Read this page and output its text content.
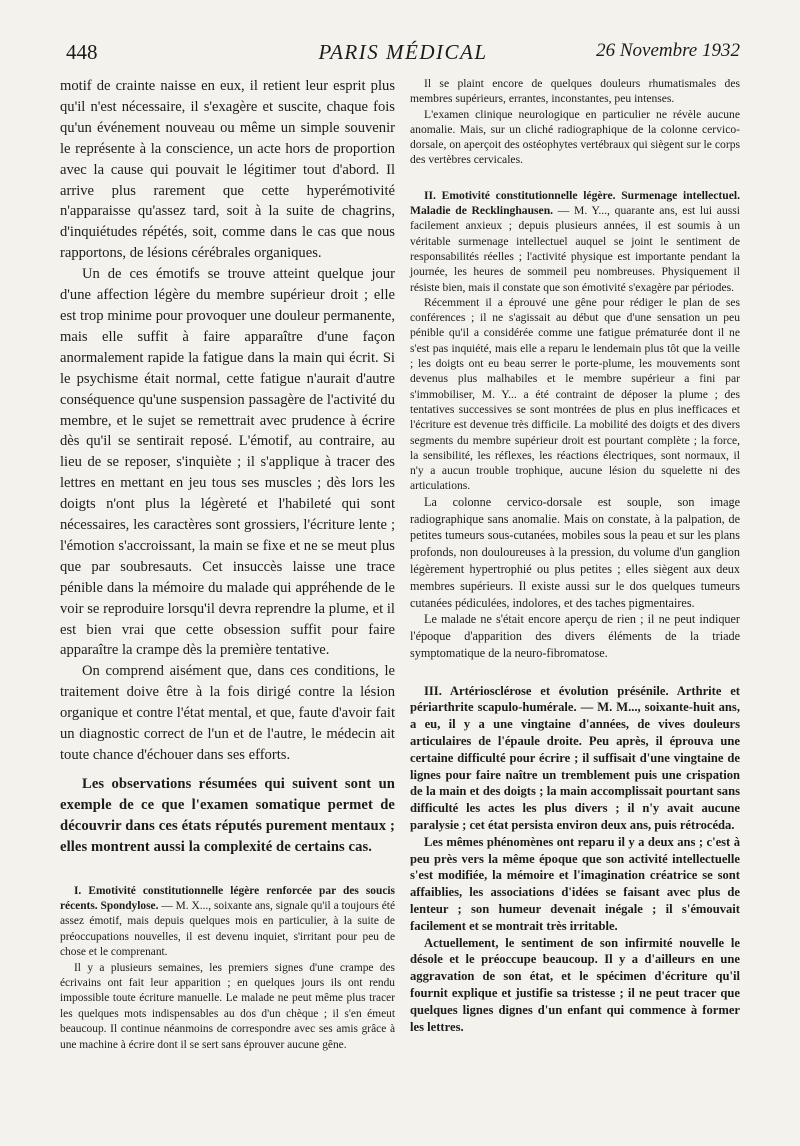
448	PARIS MÉDICAL	26 Novembre 1932

motif de crainte naisse en eux, il retient leur esprit plus qu'il n'est nécessaire, il s'exagère et suscite, chaque fois qu'un événement nouveau ou même un simple souvenir le représente à la conscience, un acte hors de proportion avec la cause qui pouvait le légitimer tout d'abord. Il arrive plus rarement que cette hyperémotivité n'apparaisse qu'assez tard, soit à la suite de chagrins, d'inquiétudes répétés, soit, comme dans le cas que nous rapportons, de lésions cérébrales organiques.

Un de ces émotifs se trouve atteint quelque jour d'une affection légère du membre supérieur droit ; elle est trop minime pour provoquer une douleur permanente, mais elle suffit à faire apparaître d'une façon anormalement rapide la fatigue dans la main qui écrit. Si le psychisme était normal, cette fatigue n'aurait d'autre conséquence qu'une suspension passagère de l'activité du membre, et le sujet se remettrait avec prudence à écrire dès qu'il se sentirait reposé. L'émotif, au contraire, au lieu de se reposer, s'inquiète ; il s'applique à tracer des lettres en mettant en jeu tous ses muscles ; dès lors les doigts n'ont plus la légèreté et l'habileté qui sont nécessaires, les caractères sont grossiers, l'écriture lente ; l'émotion s'accroissant, la main se fixe et ne se meut plus que par soubresauts. Cet insuccès laisse une trace pénible dans la mémoire du malade qui appréhende de le voir se reproduire lorsqu'il devra reprendre la plume, et il est bien vrai que cette obsession suffit pour faire apparaître la crampe dès la première tentative.

On comprend aisément que, dans ces conditions, le traitement doive être à la fois dirigé contre la lésion organique et contre l'état mental, et que, faute d'avoir fait un diagnostic correct de l'un et de l'autre, le médecin ait toute chance d'échouer dans ses efforts.

Les observations résumées qui suivent sont un exemple de ce que l'examen somatique permet de découvrir dans ces états réputés purement mentaux ; elles montrent aussi la complexité de certains cas.

I. Emotivité constitutionnelle légère renforcée par des soucis récents. Spondylose. — M. X..., soixante ans, signale qu'il a toujours été assez émotif, mais depuis quelques mois en particulier, à la suite de préoccupations nouvelles, il est devenu inquiet, s'irritant pour peu de chose et le comprenant.

Il y a plusieurs semaines, les premiers signes d'une crampe des écrivains ont fait leur apparition ; en quelques jours ils ont rendu impossible toute écriture manuelle. Le malade ne peut même plus tracer les quelques mots indispensables au dos d'un chèque ; il s'en émeut beaucoup. Il continue néanmoins de correspondre avec ses amis grâce à une machine à écrire dont il se sert sans éprouver aucune gêne.

Il se plaint encore de quelques douleurs rhumatismales des membres supérieurs, errantes, inconstantes, peu intenses.

L'examen clinique neurologique en particulier ne révèle aucune anomalie. Mais, sur un cliché radiographique de la colonne cervico-dorsale, on aperçoit des ostéophytes vertébraux qui siègent sur le corps des vertèbres cervicales.

II. Emotivité constitutionnelle légère. Surmenage intellectuel. Maladie de Recklinghausen. — M. Y..., quarante ans, est lui aussi facilement anxieux ; depuis plusieurs années, il est soumis à un véritable surmenage intellectuel auquel se joint le sentiment de responsabilités réelles ; l'activité physique est importante pendant la journée, les heures de sommeil peu nombreuses. Physiquement il résiste bien, mais il constate que son émotivité s'exagère par périodes.

Récemment il a éprouvé une gêne pour rédiger le plan de ses conférences ; il ne s'agissait au début que d'une sensation un peu pénible qu'il a considérée comme une fatigue prématurée dont il ne s'est pas inquiété, mais elle a reparu le lendemain plus tôt que la veille ; les doigts ont eu beau serrer le porte-plume, les mouvements sont devenus plus malhabiles et le membre supérieur a fini par s'immobiliser, M. Y... a été contraint de déposer la plume ; des tentatives successives se sont montrées de plus en plus inefficaces et l'écriture est devenue très difficile. La mobilité des doigts et des divers segments du membre supérieur droit est pourtant complète ; la force, la sensibilité, les réflexes, les réactions électriques, sont normaux, il n'y a aucun trouble trophique, aucune lésion du squelette ni des articulations.

La colonne cervico-dorsale est souple, son image radiographique sans anomalie. Mais on constate, à la palpation, de petites tumeurs sous-cutanées, mobiles sous la peau et sur les plans profonds, non douloureuses à la pression, du volume d'un ganglion légèrement hypertrophié ou plus petites ; elles siègent aux deux membres supérieurs. Il existe aussi sur le dos quelques tumeurs cutanées pédiculées, indolores, et des taches pigmentaires.

Le malade ne s'était encore aperçu de rien ; il ne peut indiquer l'époque d'apparition des divers éléments de la triade symptomatique de la neuro-fibromatose.

III. Artériosclérose et évolution présénile. Arthrite et périarthrite scapulo-humérale. — M. M..., soixante-huit ans, a eu, il y a une vingtaine d'années, de vives douleurs articulaires de l'épaule droite. Peu après, il éprouva une certaine difficulté pour écrire ; il suffisait d'une vingtaine de lignes pour faire naître un tremblement puis une crispation de la main et des doigts ; la main accomplissait pourtant sans difficulté les actes les plus divers ; il n'y avait aucune paralysie ; cet état persista environ deux ans, puis rétrocéda.

Les mêmes phénomènes ont reparu il y a deux ans ; c'est à peu près vers la même époque que son activité intellectuelle s'est modifiée, la mémoire et l'imagination créatrice se sont affaiblies, les associations d'idées se faisant avec plus de lenteur ; son humeur devenait inégale ; il s'émouvait facilement et se montrait très irritable.

Actuellement, le sentiment de son infirmité nouvelle le désole et le préoccupe beaucoup. Il y a d'ailleurs en une aggravation de son état, et le spécimen d'écriture qu'il fournit explique et justifie sa tristesse ; il ne peut tracer que quelques lignes dignes d'un enfant qui commence à former les lettres.
